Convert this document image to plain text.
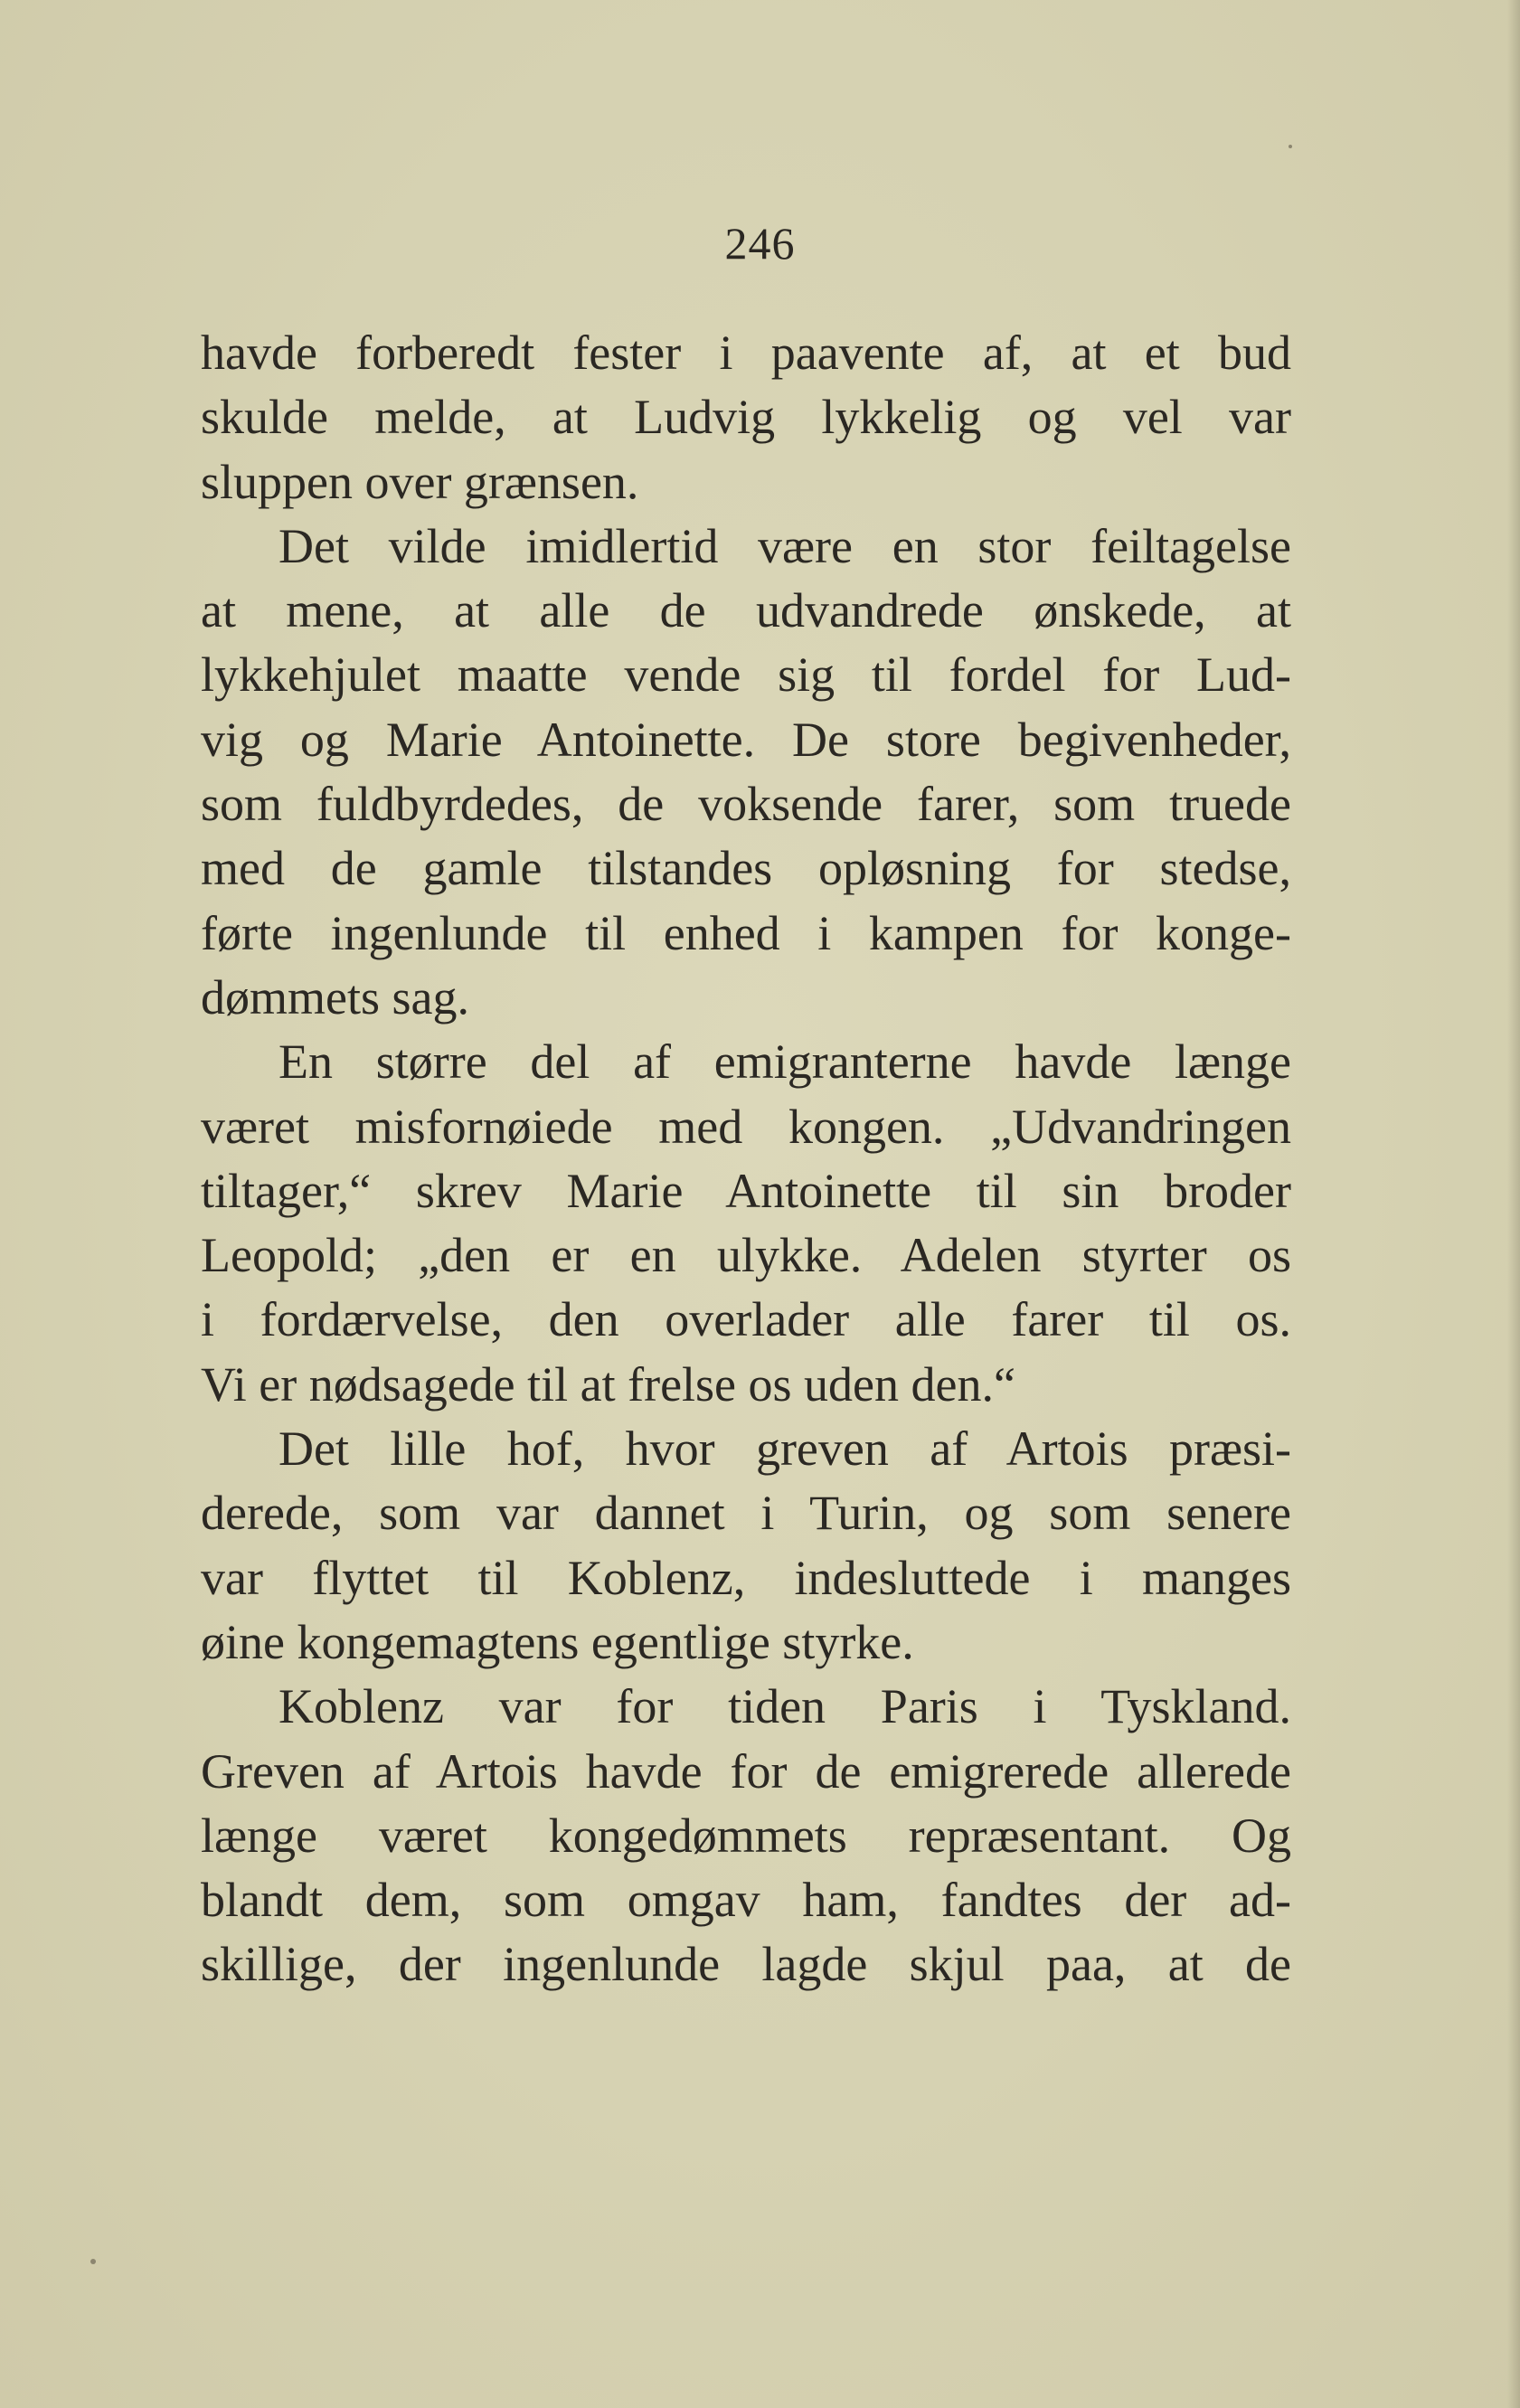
246
havde forberedt fester i paavente af, at et bud
skulde melde, at Ludvig lykkelig og vel var
sluppen over grænsen.
Det vilde imidlertid være en stor feiltagelse
at mene, at alle de udvandrede ønskede, at
lykkehjulet maatte vende sig til fordel for Lud-
vig og Marie Antoinette. De store begivenheder,
som fuldbyrdedes, de voksende farer, som truede
med de gamle tilstandes opløsning for stedse,
førte ingenlunde til enhed i kampen for konge-
dømmets sag.
En større del af emigranterne havde længe
været misfornøiede med kongen. „Udvandringen
tiltager,“ skrev Marie Antoinette til sin broder
Leopold; „den er en ulykke. Adelen styrter os
i fordærvelse, den overlader alle farer til os.
Vi er nødsagede til at frelse os uden den.“
Det lille hof, hvor greven af Artois præsi-
derede, som var dannet i Turin, og som senere
var flyttet til Koblenz, indesluttede i manges
øine kongemagtens egentlige styrke.
Koblenz var for tiden Paris i Tyskland.
Greven af Artois havde for de emigrerede allerede
længe været kongedømmets repræsentant. Og
blandt dem, som omgav ham, fandtes der ad-
skillige, der ingenlunde lagde skjul paa, at de
